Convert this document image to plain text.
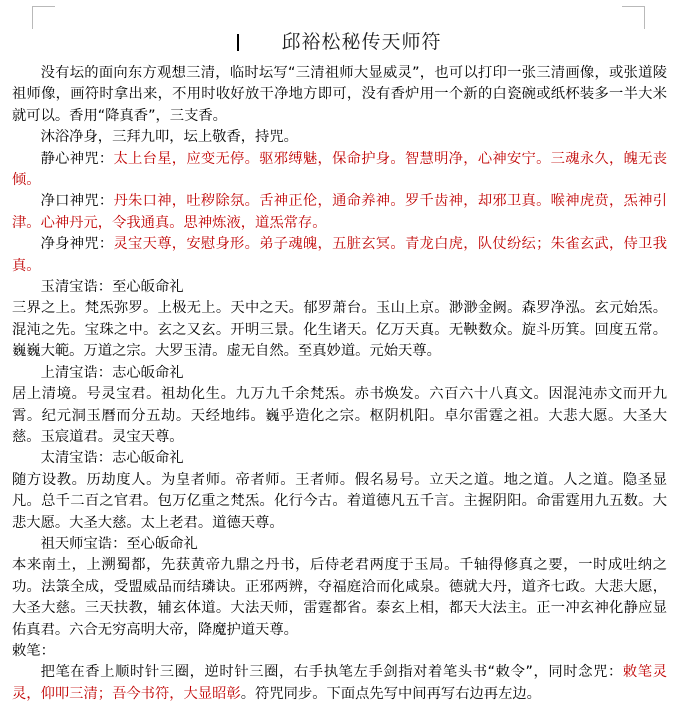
邱裕松秘传天师符

没有坛的面向东方观想三清，临时坛写“三清祖师大显威灵”，也可以打印一张三清画像，或张道陵祖师像，画符时拿出来，不用时收好放干净地方即可，没有香炉用一个新的白瓷碗或纸杯装多一半大米就可以。香用“降真香”，三支香。

沐浴净身，三拜九叩，坛上敬香，持咒。

静心神咒：太上台星，应变无停。驱邪缚魅，保命护身。智慧明净，心神安宁。三魂永久，魄无丧倾。

净口神咒：丹朱口神，吐秽除氛。舌神正伦，通命养神。罗千齿神，却邪卫真。喉神虎贲，炁神引津。心神丹元，令我通真。思神炼液，道炁常存。

净身神咒：灵宝天尊，安慰身形。弟子魂魄，五脏玄冥。青龙白虎，队仗纷纭；朱雀玄武，侍卫我真。

玉清宝诰：至心皈命礼

三界之上。梵炁弥罗。上极无上。天中之天。郁罗萧台。玉山上京。渺渺金阙。森罗净泓。玄元始炁。混沌之先。宝珠之中。玄之又玄。开明三景。化生诸天。亿万天真。无鞅数众。旋斗历箕。回度五常。巍巍大範。万道之宗。大罗玉清。虚无自然。至真妙道。元始天尊。

上清宝诰：志心皈命礼

居上清境。号灵宝君。祖劫化生。九万九千余梵炁。赤书焕发。六百六十八真文。因混沌赤文而开九霄。纪元洞玉曆而分五劫。天经地纬。巍乎造化之宗。枢阴机阳。卓尔雷霆之祖。大悲大愿。大圣大慈。玉宸道君。灵宝天尊。

太清宝诰：志心皈命礼

随方设教。历劫度人。为皇者师。帝者师。王者师。假名易号。立天之道。地之道。人之道。隐圣显凡。总千二百之官君。包万亿重之梵炁。化行今古。着道德凡五千言。主握阴阳。命雷霆用九五数。大悲大愿。大圣大慈。太上老君。道德天尊。

祖天师宝诰：至心皈命礼

本来南土，上溯蜀都，先获黄帝九鼎之丹书，后侍老君两度于玉局。千轴得修真之要，一时成吐纳之功。法箓全成，受盟威品而结璘诀。正邪两辨，夺福庭洽而化咸泉。德就大丹，道齐七政。大悲大愿，大圣大慈。三天扶教，辅玄体道。大法天师，雷霆都省。泰玄上相，都天大法主。正一冲玄神化静应显佑真君。六合无穷高明大帝，降魔护道天尊。

敕笔：

把笔在香上顺时针三圈，逆时针三圈，右手执笔左手剑指对着笔头书“敕令”，同时念咒：敕笔灵灵，仰叩三清；吾今书符，大显昭彰。符咒同步。下面点先写中间再写右边再左边。
